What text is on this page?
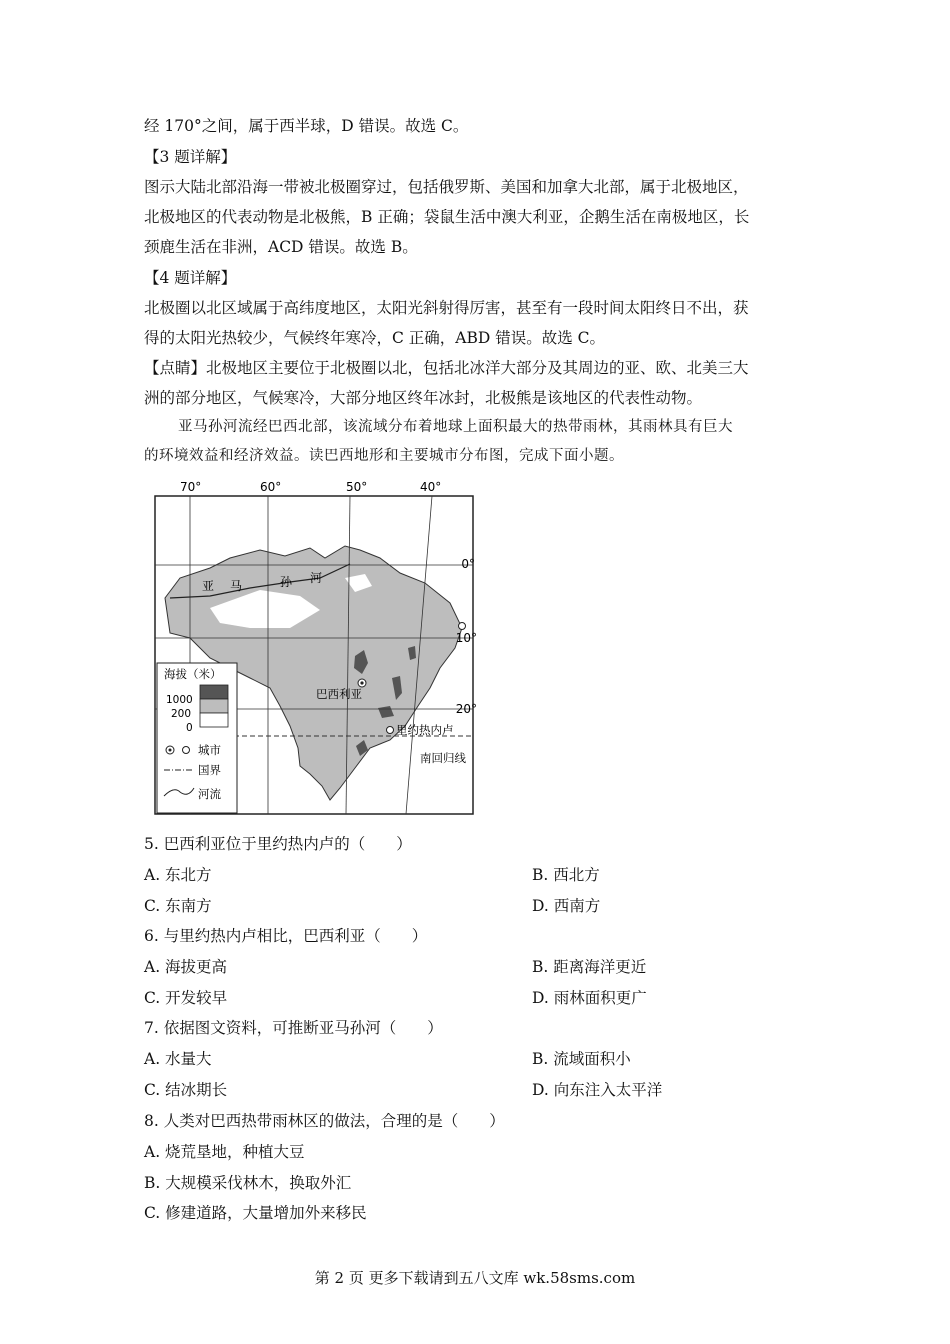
经 170°之间，属于西半球，D 错误。故选 C。
【3 题详解】
图示大陆北部沿海一带被北极圈穿过，包括俄罗斯、美国和加拿大北部，属于北极地区，
北极地区的代表动物是北极熊，B 正确；袋鼠生活中澳大利亚，企鹅生活在南极地区，长
颈鹿生活在非洲，ACD 错误。故选 B。
【4 题详解】
北极圈以北区域属于高纬度地区，太阳光斜射得厉害，甚至有一段时间太阳终日不出，获
得的太阳光热较少，气候终年寒冷，C 正确，ABD 错误。故选 C。
【点睛】北极地区主要位于北极圈以北，包括北冰洋大部分及其周边的亚、欧、北美三大
洲的部分地区，气候寒冷，大部分地区终年冰封，北极熊是该地区的代表性动物。
亚马孙河流经巴西北部，该流域分布着地球上面积最大的热带雨林，其雨林具有巨大
的环境效益和经济效益。读巴西地形和主要城市分布图，完成下面小题。
70°	60°	50°	40°
0°
10°
20°
亚 马	孙 河
巴西利亚
里约热内卢
南回归线
海拔（米）
1000
200
0
城市
国界
河流
5. 巴西利亚位于里约热内卢的（　　）
A. 东北方	B. 西北方
C. 东南方	D. 西南方
6. 与里约热内卢相比，巴西利亚（　　）
A. 海拔更高	B. 距离海洋更近
C. 开发较早	D. 雨林面积更广
7. 依据图文资料，可推断亚马孙河（　　）
A. 水量大	B. 流域面积小
C. 结冰期长	D. 向东注入太平洋
8. 人类对巴西热带雨林区的做法，合理的是（　　）
A. 烧荒垦地，种植大豆
B. 大规模采伐林木，换取外汇
C. 修建道路，大量增加外来移民
第 2 页 更多下载请到五八文库 wk.58sms.com
